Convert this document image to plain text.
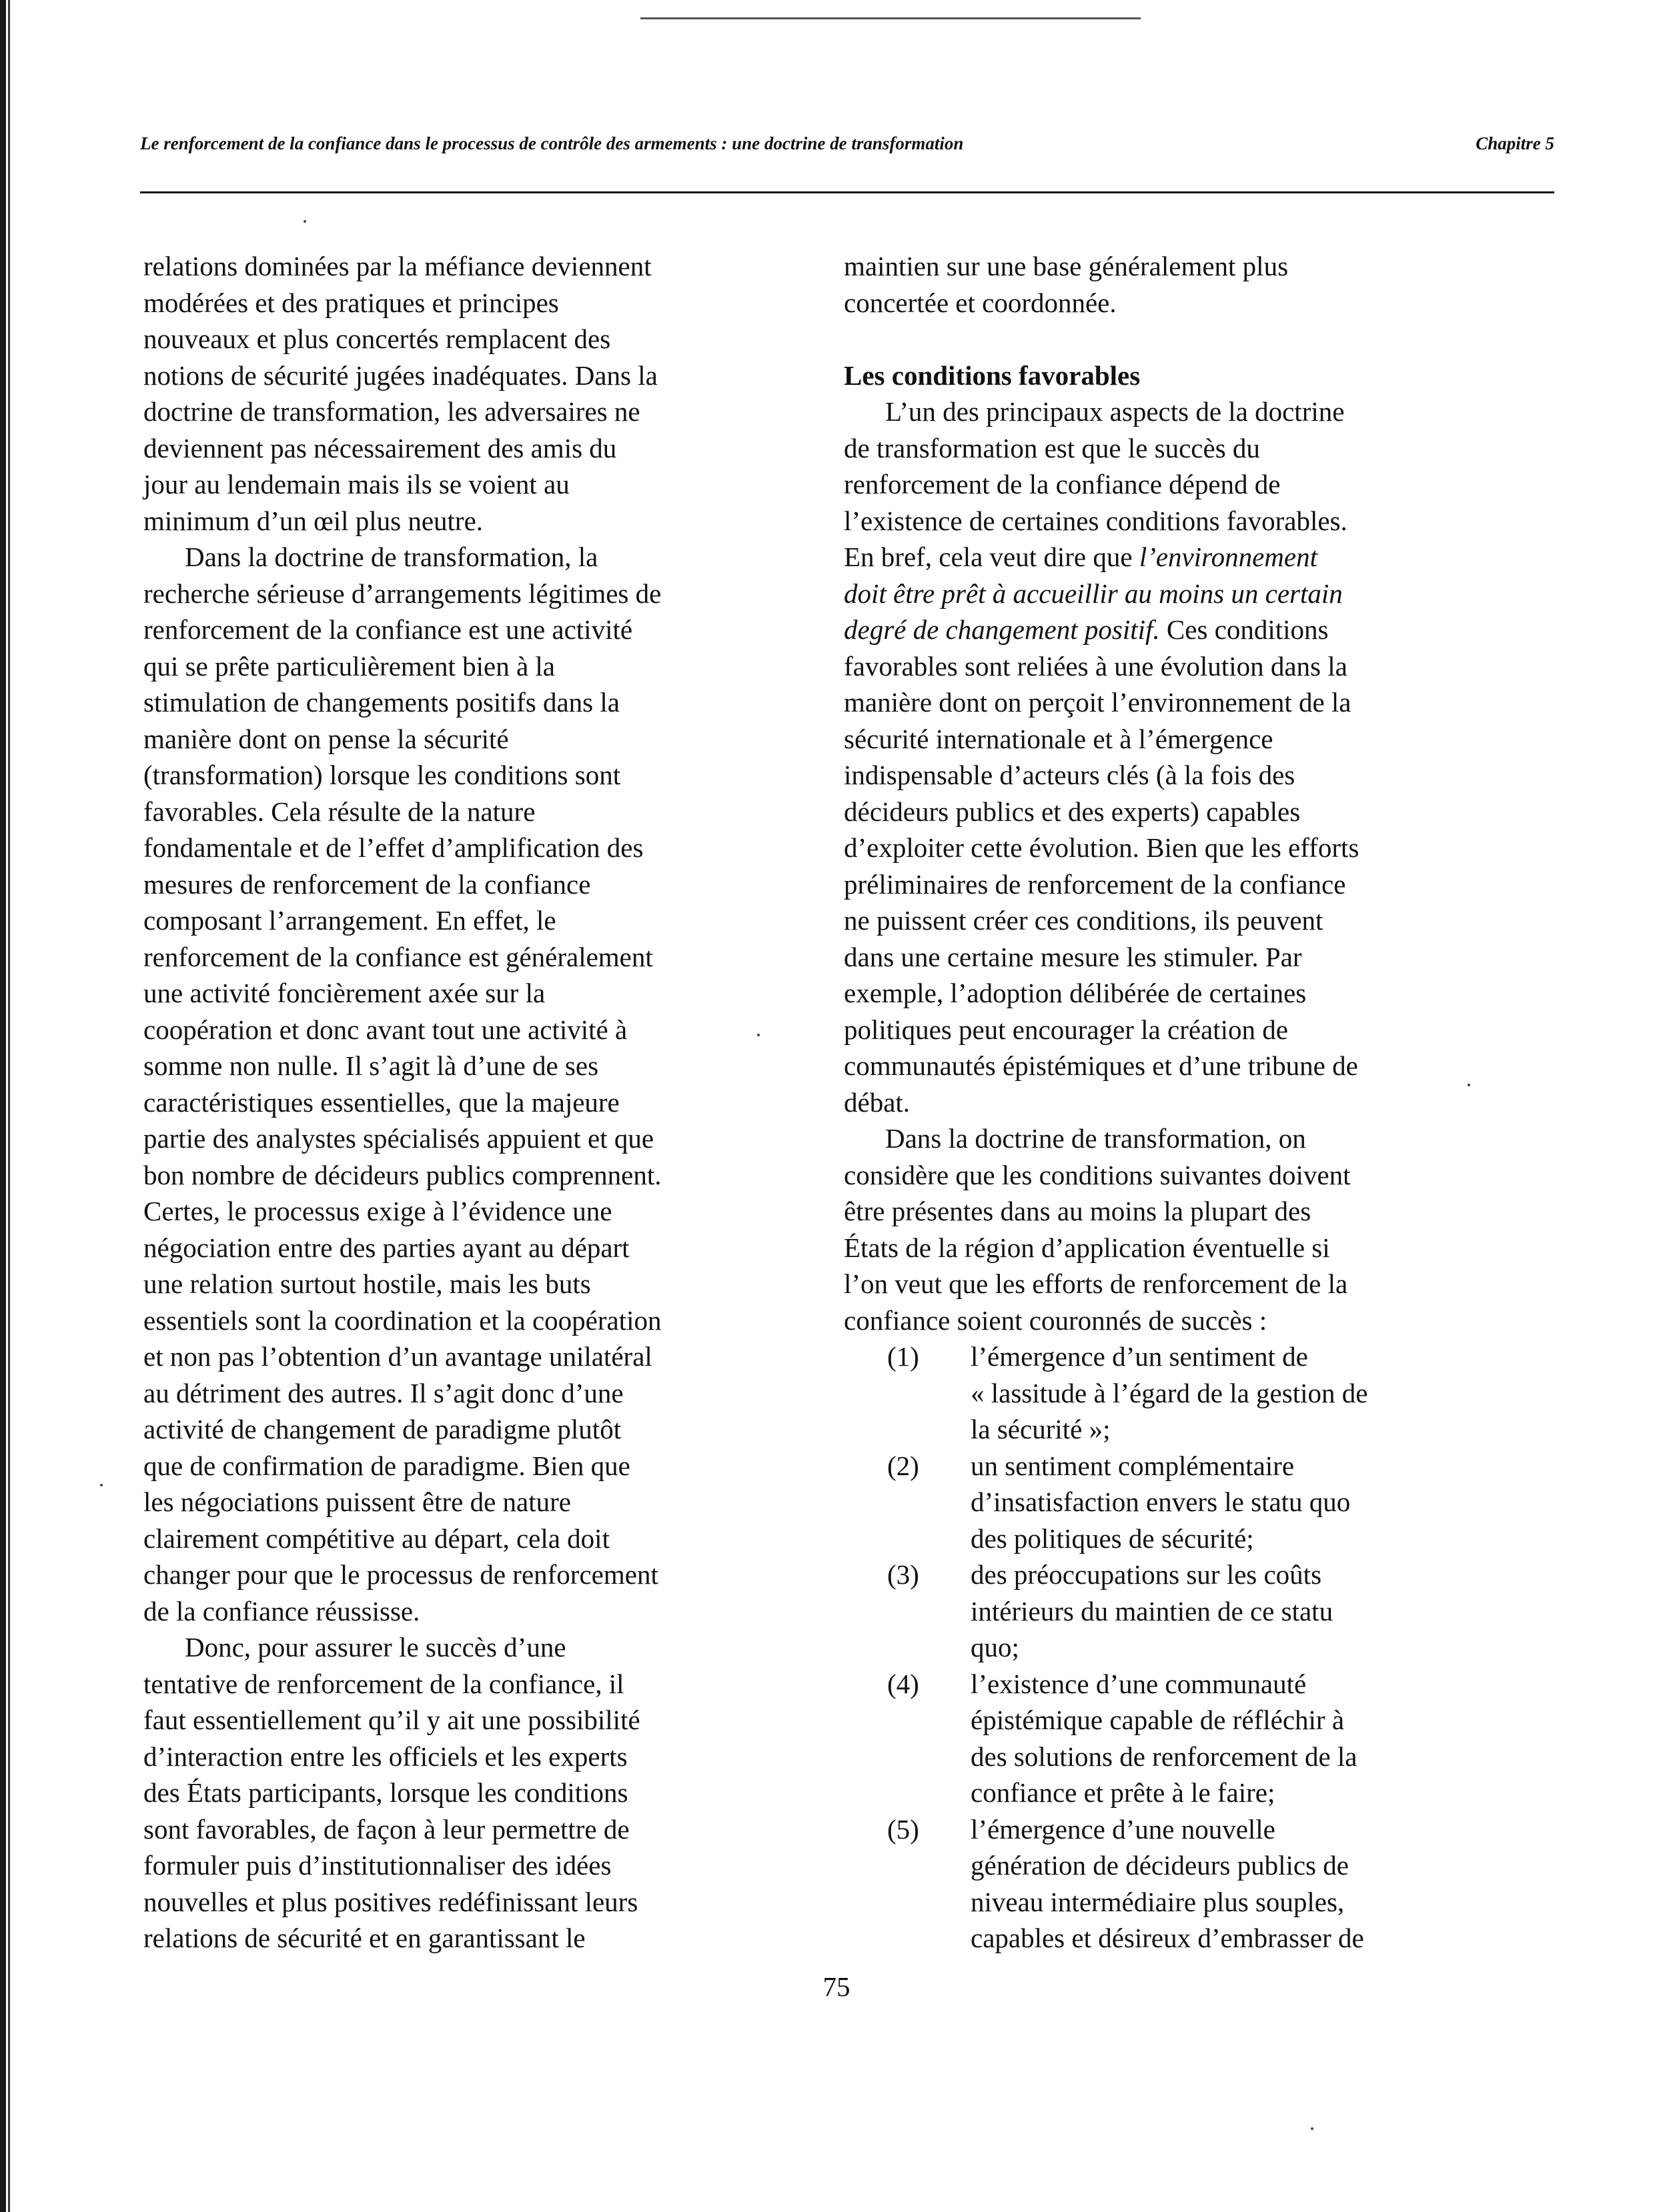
Le renforcement de la confiance dans le processus de contrôle des armements : une doctrine de transformation	Chapitre 5
relations dominées par la méfiance deviennent
modérées et des pratiques et principes
nouveaux et plus concertés remplacent des
notions de sécurité jugées inadéquates. Dans la
doctrine de transformation, les adversaires ne
deviennent pas nécessairement des amis du
jour au lendemain mais ils se voient au
minimum d’un œil plus neutre.
Dans la doctrine de transformation, la
recherche sérieuse d’arrangements légitimes de
renforcement de la confiance est une activité
qui se prête particulièrement bien à la
stimulation de changements positifs dans la
manière dont on pense la sécurité
(transformation) lorsque les conditions sont
favorables. Cela résulte de la nature
fondamentale et de l’effet d’amplification des
mesures de renforcement de la confiance
composant l’arrangement. En effet, le
renforcement de la confiance est généralement
une activité foncièrement axée sur la
coopération et donc avant tout une activité à
somme non nulle. Il s’agit là d’une de ses
caractéristiques essentielles, que la majeure
partie des analystes spécialisés appuient et que
bon nombre de décideurs publics comprennent.
Certes, le processus exige à l’évidence une
négociation entre des parties ayant au départ
une relation surtout hostile, mais les buts
essentiels sont la coordination et la coopération
et non pas l’obtention d’un avantage unilatéral
au détriment des autres. Il s’agit donc d’une
activité de changement de paradigme plutôt
que de confirmation de paradigme. Bien que
les négociations puissent être de nature
clairement compétitive au départ, cela doit
changer pour que le processus de renforcement
de la confiance réussisse.
Donc, pour assurer le succès d’une
tentative de renforcement de la confiance, il
faut essentiellement qu’il y ait une possibilité
d’interaction entre les officiels et les experts
des États participants, lorsque les conditions
sont favorables, de façon à leur permettre de
formuler puis d’institutionnaliser des idées
nouvelles et plus positives redéfinissant leurs
relations de sécurité et en garantissant le
maintien sur une base généralement plus
concertée et coordonnée.
Les conditions favorables
L’un des principaux aspects de la doctrine
de transformation est que le succès du
renforcement de la confiance dépend de
l’existence de certaines conditions favorables.
En bref, cela veut dire que l’environnement
doit être prêt à accueillir au moins un certain
degré de changement positif. Ces conditions
favorables sont reliées à une évolution dans la
manière dont on perçoit l’environnement de la
sécurité internationale et à l’émergence
indispensable d’acteurs clés (à la fois des
décideurs publics et des experts) capables
d’exploiter cette évolution. Bien que les efforts
préliminaires de renforcement de la confiance
ne puissent créer ces conditions, ils peuvent
dans une certaine mesure les stimuler. Par
exemple, l’adoption délibérée de certaines
politiques peut encourager la création de
communautés épistémiques et d’une tribune de
débat.
Dans la doctrine de transformation, on
considère que les conditions suivantes doivent
être présentes dans au moins la plupart des
États de la région d’application éventuelle si
l’on veut que les efforts de renforcement de la
confiance soient couronnés de succès :
(1) l’émergence d’un sentiment de
« lassitude à l’égard de la gestion de
la sécurité »;
(2) un sentiment complémentaire
d’insatisfaction envers le statu quo
des politiques de sécurité;
(3) des préoccupations sur les coûts
intérieurs du maintien de ce statu
quo;
(4) l’existence d’une communauté
épistémique capable de réfléchir à
des solutions de renforcement de la
confiance et prête à le faire;
(5) l’émergence d’une nouvelle
génération de décideurs publics de
niveau intermédiaire plus souples,
capables et désireux d’embrasser de
75
